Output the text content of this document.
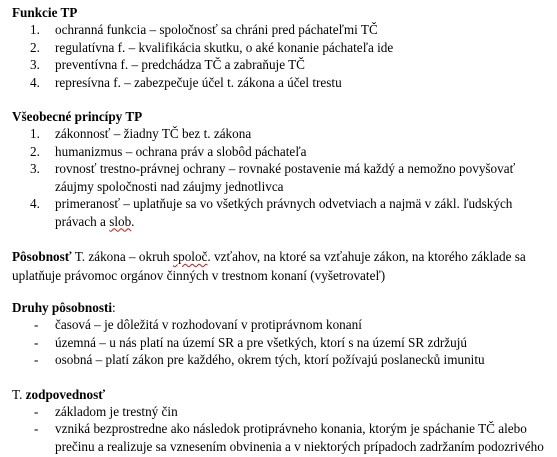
Funkcie TP
1. ochranná funkcia – spoločnosť sa chráni pred páchateľmi TČ
2. regulatívna f. – kvalifikácia skutku, o aké konanie páchateľa ide
3. preventívna f. – predchádza TČ a zabraňuje TČ
4. represívna f. – zabezpečuje účel t. zákona a účel trestu
Všeobecné princípy TP
1. zákonnosť – žiadny TČ bez t. zákona
2. humanizmus – ochrana práv a slobôd páchateľa
3. rovnosť trestno-právnej ochrany – rovnaké postavenie má každý a nemožno povyšovať záujmy spoločnosti nad záujmy jednotlivca
4. primeranosť – uplatňuje sa vo všetkých právnych odvetviach a najmä v zákl. ľudských právach a slob.
Pôsobnosť T. zákona – okruh spoloč. vzťahov, na ktoré sa vzťahuje zákon, na ktorého základe sa uplatňuje právomoc orgánov činných v trestnom konaní (vyšetrovateľ)
Druhy pôsobnosti:
- časová – je dôležitá v rozhodovaní v protiprávnom konaní
- územná – u nás platí na území SR a pre všetkých, ktorí s na území SR zdržujú
- osobná – platí zákon pre každého, okrem tých, ktorí požívajú poslanecků imunitu
T. zodpovednosť
- základom je trestný čin
- vzniká bezprostredne ako následok protiprávneho konania, ktorým je spáchanie TČ alebo prečinu a realizuje sa vznesením obvinenia a v niektorých prípadoch zadržaním podozrivého
